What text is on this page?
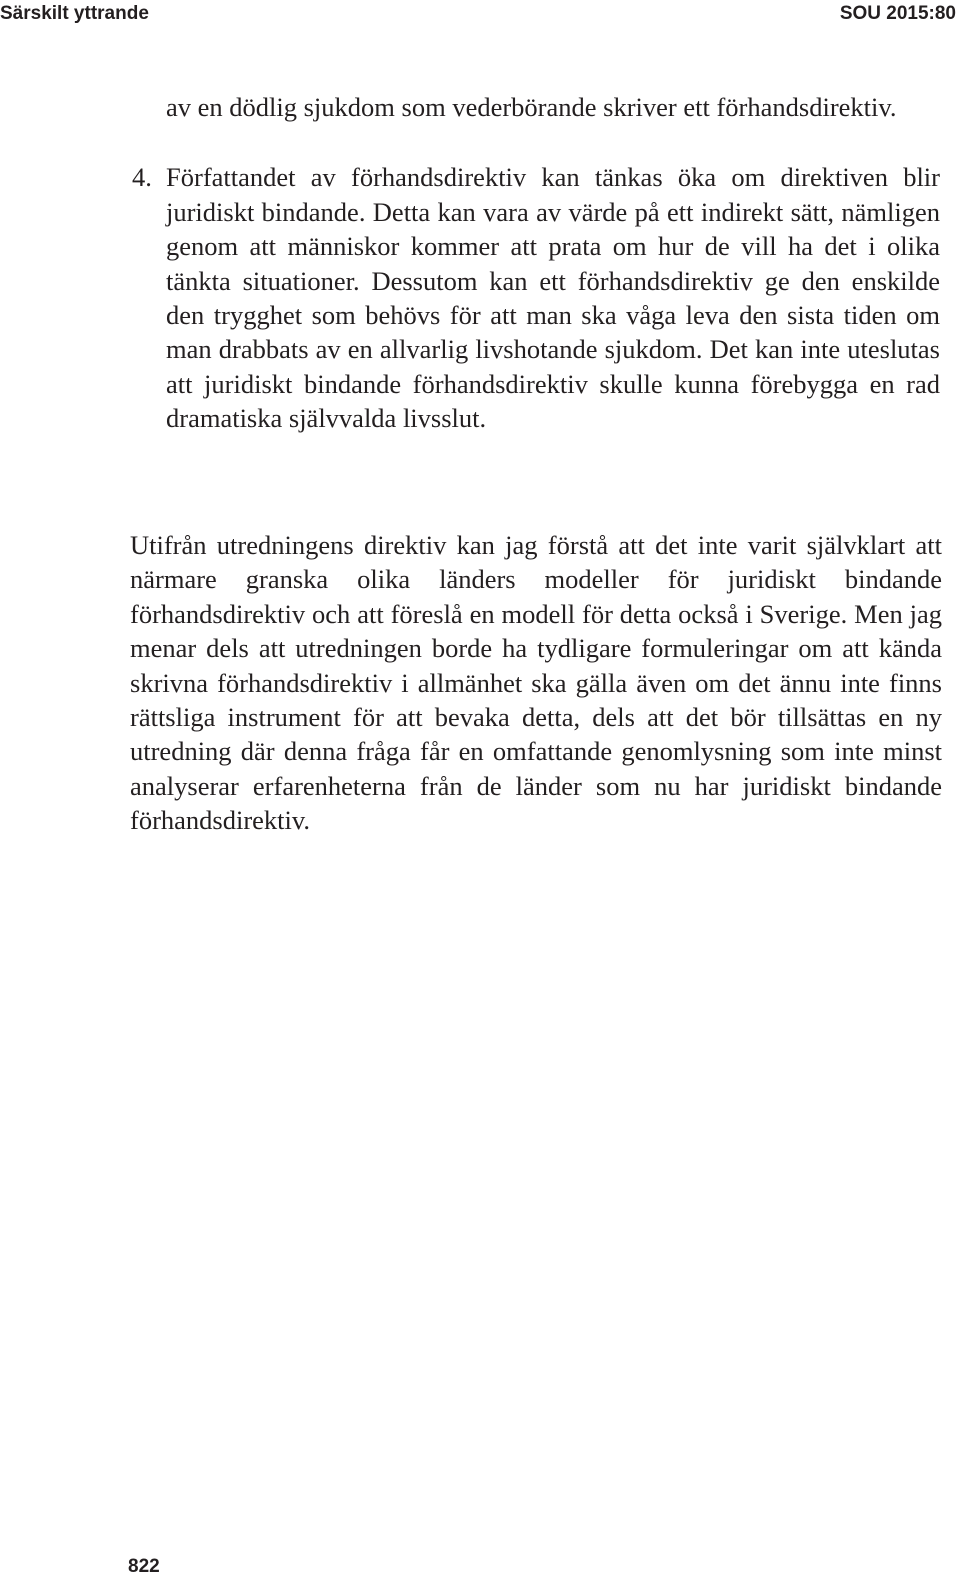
Särskilt yttrande	SOU 2015:80

av en dödlig sjukdom som vederbörande skriver ett förhandsdirektiv.

4. Författandet av förhandsdirektiv kan tänkas öka om direktiven blir juridiskt bindande. Detta kan vara av värde på ett indirekt sätt, nämligen genom att människor kommer att prata om hur de vill ha det i olika tänkta situationer. Dessutom kan ett förhandsdirektiv ge den enskilde den trygghet som behövs för att man ska våga leva den sista tiden om man drabbats av en allvarlig livshotande sjukdom. Det kan inte uteslutas att juridiskt bindande förhandsdirektiv skulle kunna förebygga en rad dramatiska självvalda livsslut.

Utifrån utredningens direktiv kan jag förstå att det inte varit självklart att närmare granska olika länders modeller för juridiskt bindande förhandsdirektiv och att föreslå en modell för detta också i Sverige. Men jag menar dels att utredningen borde ha tydligare formuleringar om att kända skrivna förhandsdirektiv i allmänhet ska gälla även om det ännu inte finns rättsliga instrument för att bevaka detta, dels att det bör tillsättas en ny utredning där denna fråga får en omfattande genomlysning som inte minst analyserar erfarenheterna från de länder som nu har juridiskt bindande förhandsdirektiv.

822
